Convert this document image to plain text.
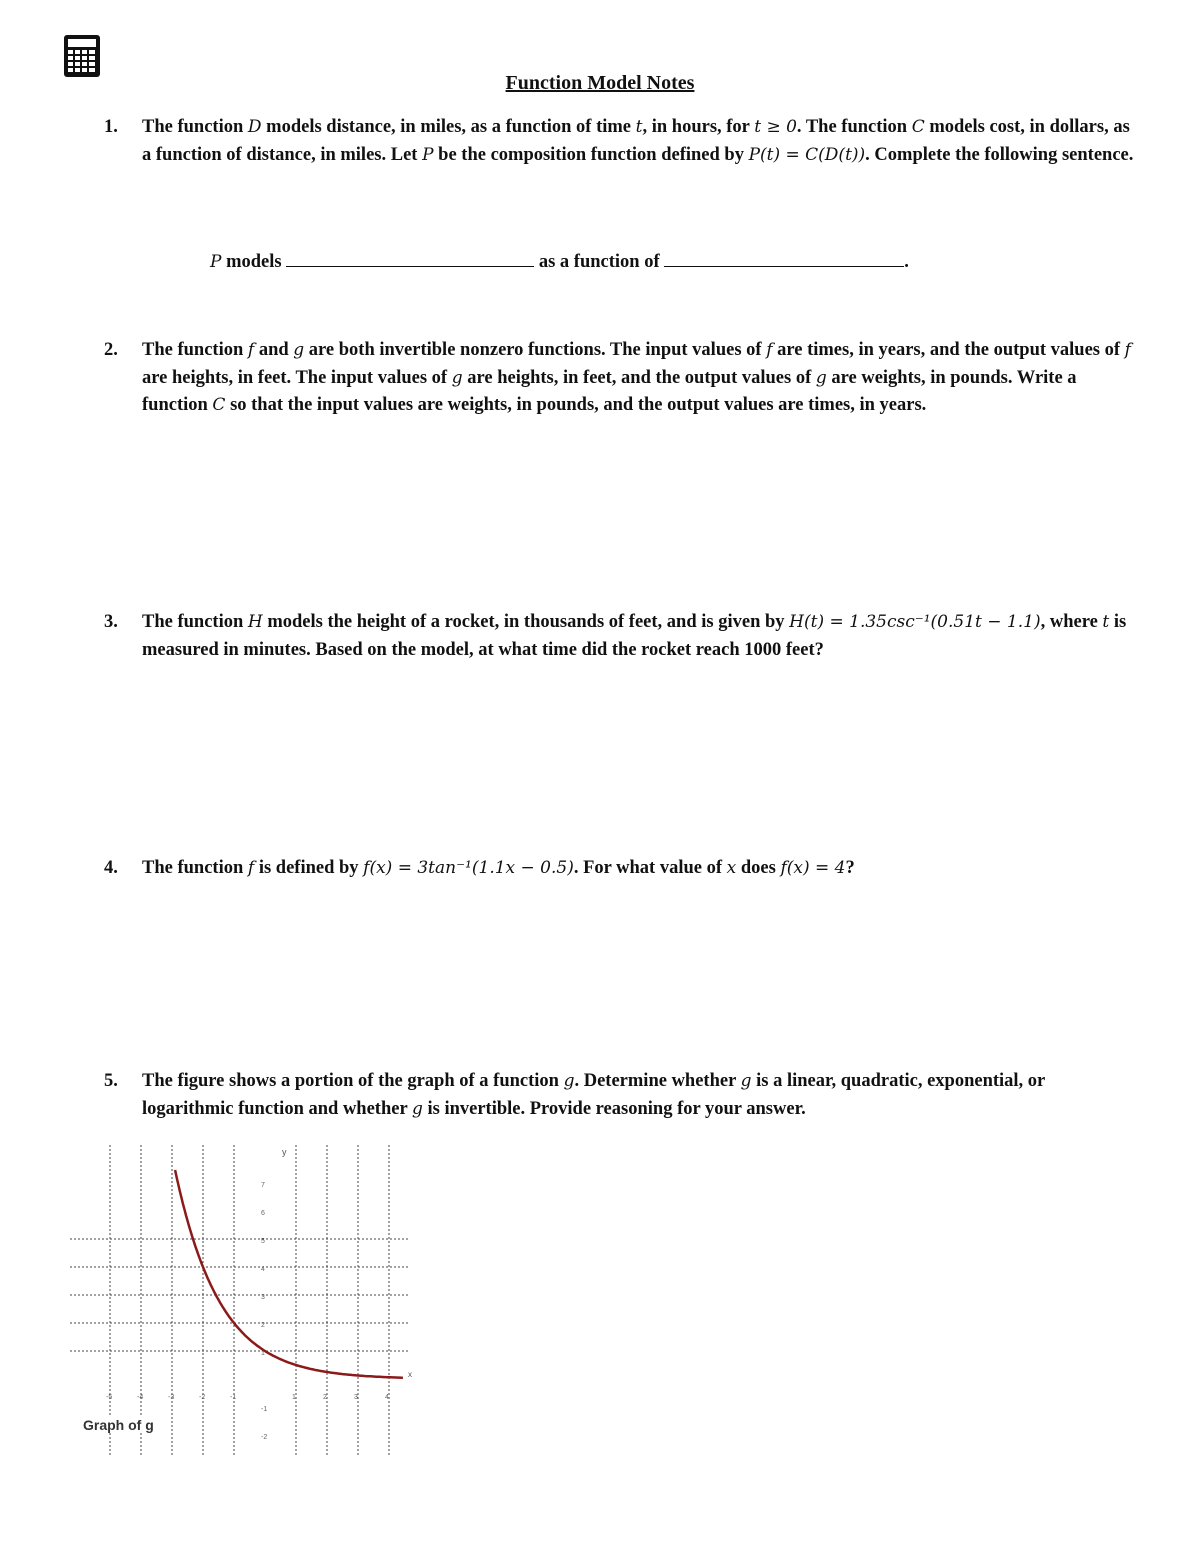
Function Model Notes
1.	The function D models distance, in miles, as a function of time t, in hours, for t ≥ 0. The function C models cost, in dollars, as a function of distance, in miles. Let P be the composition function defined by P(t) = C(D(t)). Complete the following sentence.
P models	as a function of	.
2.	The function f and g are both invertible nonzero functions. The input values of f are times, in years, and the output values of f are heights, in feet. The input values of g are heights, in feet, and the output values of g are weights, in pounds. Write a function C so that the input values are weights, in pounds, and the output values are times, in years.
3.	The function H models the height of a rocket, in thousands of feet, and is given by H(t) = 1.35csc⁻¹(0.51t − 1.1), where t is measured in minutes. Based on the model, at what time did the rocket reach 1000 feet?
4.	The function f is defined by f(x) = 3tan⁻¹(1.1x − 0.5). For what value of x does f(x) = 4?
5.	The figure shows a portion of the graph of a function g. Determine whether g is a linear, quadratic, exponential, or logarithmic function and whether g is invertible. Provide reasoning for your answer.
-5	-4	-3	-2	-1	1	2	3	4
7
6
5
4
3
2
1
-1
-2
y
x
Graph of g
